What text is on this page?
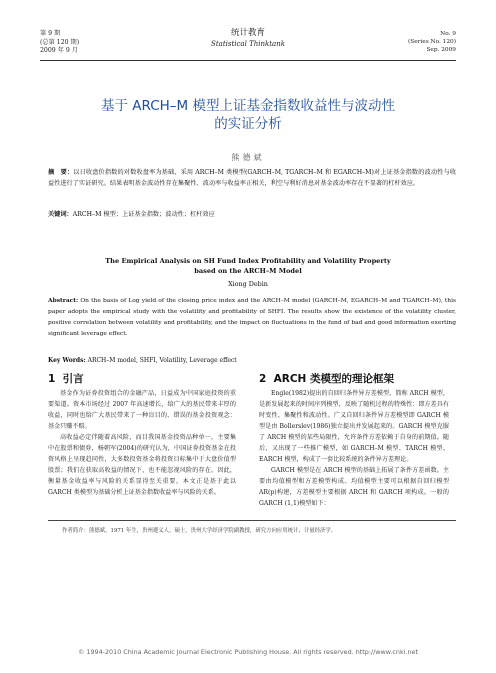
第 9 期
(总第 120 期)
2009 年 9 月
统计教育
Statistical Thinktank
No. 9
(Series No. 120)
Sep. 2009
基于 ARCH–M 模型上证基金指数收益性与波动性
的实证分析
熊德斌
摘　要：以日收盘价指数的对数收盘率为基础，采用 ARCH–M 类模型(GARCH–M, TGARCH–M 和 EGARCH–M)对上证基金指数的波动性与收益性进行了实证研究。结果表明基金波动性存在集聚性、波动率与收益率正相关，利空与利好消息对基金波动率存在不显著的杠杆效应。
关键词：ARCH–M 模型；上证基金指数；波动性；杠杆效应
The Empirical Analysis on SH Fund Index Profitability and Volatility Property
based on the ARCH–M Model
Xiong Debin
Abstract: On the basis of Log yield of the closing price index and the ARCH–M model (GARCH–M, EGARCH–M and TGARCH–M), this paper adopts the empirical study with the volatility and profitability of SHFI. The results show the existence of the volatility cluster, positive correlation between volatility and profitability, and the impact on fluctuations in the fund of bad and good information exerting significant leverage effect.
Key Words: ARCH–M model, SHFI, Volatility, Leverage effect
1 引言

基金作为证券投资组合的金融产品，日益成为中国家庭投资的重要渠道。资本市场经过 2007 年高速增长，给广大的基民带来丰厚的收益，同时也给广大基民带来了一种盲目的、错误的基金投资观念：基金只赚不赔。

高收益必定伴随着高风险，而目我国基金投资品种单一，主要集中在股票和债券，杨朝军(2004)的研究认为，中国证券投资基金在投资风格上呈现趋同性，大多数投资基金将投资目标集中于大盘价值型股票；我们在获取高收益的情况下，也不能忽视风险的存在。因此，衡量基金收益率与风险的关系显得至关重要，本文正是基于此以 GARCH 类模型为基础分析上证基金指数收益率与风险的关系。

2 ARCH 类模型的理论框架

Engle(1982)提出的自回归条件异方差模型，简称 ARCH 模型，是新发展起来的时间序列模型，反映了随机过程的特殊性：即方差具有时变性、集聚性和波动性。广义自回归条件异方差模型即 GARCH 模型是由 Bollerslev(1986)独立提出并发展起来的。GARCH 模型克服了 ARCH 模型的某些局限性，允许条件方差依赖于自身的前期值。随后，又出现了一些推广模型，如 GARCH–M 模型、TARCH 模型、EARCH 模型，构成了一套比较系统的条件异方差理论。

GARCH 模型是在 ARCH 模型的基础上拓展了条件方差函数。主要由均值模型和方差模型构成。均值模型主要可以根据自回归模型 AR(p)构建，方差模型主要根据 ARCH 和 GARCH 项构成。一般的 GARCH (1,1)模型如下：

作者简介：熊德斌，1971 年生，贵州遵义人，硕士，贵州大学经济学院副教授，研究方向应用统计、计量经济学。
© 1994-2010 China Academic Journal Electronic Publishing House. All rights reserved. http://www.cnki.net
